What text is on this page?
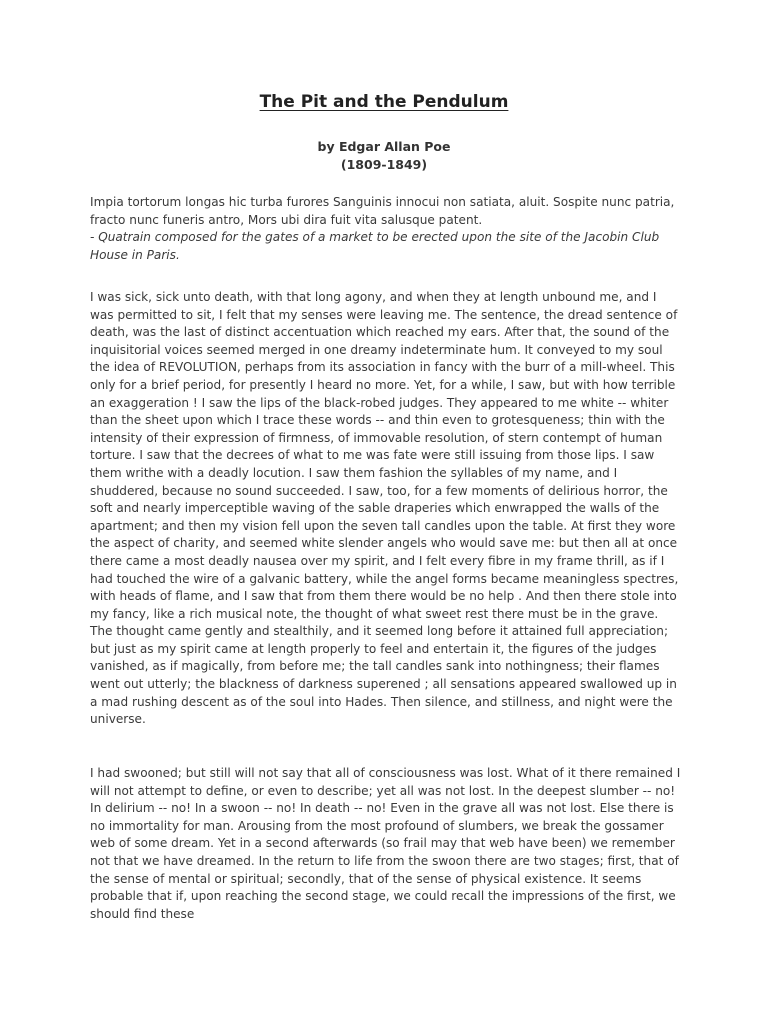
The Pit and the Pendulum
by Edgar Allan Poe
(1809-1849)

Impia tortorum longas hic turba furores Sanguinis innocui non satiata, aluit. Sospite nunc patria, fracto nunc funeris antro, Mors ubi dira fuit vita salusque patent.

- Quatrain composed for the gates of a market to be erected upon the site of the Jacobin Club House in Paris.

I was sick, sick unto death, with that long agony, and when they at length unbound me, and I was permitted to sit, I felt that my senses were leaving me. The sentence, the dread sentence of death, was the last of distinct accentuation which reached my ears. After that, the sound of the inquisitorial voices seemed merged in one dreamy indeterminate hum. It conveyed to my soul the idea of REVOLUTION, perhaps from its association in fancy with the burr of a mill-wheel. This only for a brief period, for presently I heard no more. Yet, for a while, I saw, but with how terrible an exaggeration ! I saw the lips of the black-robed judges. They appeared to me white -- whiter than the sheet upon which I trace these words -- and thin even to grotesqueness; thin with the intensity of their expression of firmness, of immovable resolution, of stern contempt of human torture. I saw that the decrees of what to me was fate were still issuing from those lips. I saw them writhe with a deadly locution. I saw them fashion the syllables of my name, and I shuddered, because no sound succeeded. I saw, too, for a few moments of delirious horror, the soft and nearly imperceptible waving of the sable draperies which enwrapped the walls of the apartment; and then my vision fell upon the seven tall candles upon the table. At first they wore the aspect of charity, and seemed white slender angels who would save me: but then all at once there came a most deadly nausea over my spirit, and I felt every fibre in my frame thrill, as if I had touched the wire of a galvanic battery, while the angel forms became meaningless spectres, with heads of flame, and I saw that from them there would be no help . And then there stole into my fancy, like a rich musical note, the thought of what sweet rest there must be in the grave. The thought came gently and stealthily, and it seemed long before it attained full appreciation; but just as my spirit came at length properly to feel and entertain it, the figures of the judges vanished, as if magically, from before me; the tall candles sank into nothingness; their flames went out utterly; the blackness of darkness superened ; all sensations appeared swallowed up in a mad rushing descent as of the soul into Hades. Then silence, and stillness, and night were the universe.

I had swooned; but still will not say that all of consciousness was lost. What of it there remained I will not attempt to define, or even to describe; yet all was not lost. In the deepest slumber -- no! In delirium -- no! In a swoon -- no! In death -- no! Even in the grave all was not lost. Else there is no immortality for man. Arousing from the most profound of slumbers, we break the gossamer web of some dream. Yet in a second afterwards (so frail may that web have been) we remember not that we have dreamed. In the return to life from the swoon there are two stages; first, that of the sense of mental or spiritual; secondly, that of the sense of physical existence. It seems probable that if, upon reaching the second stage, we could recall the impressions of the first, we should find these
